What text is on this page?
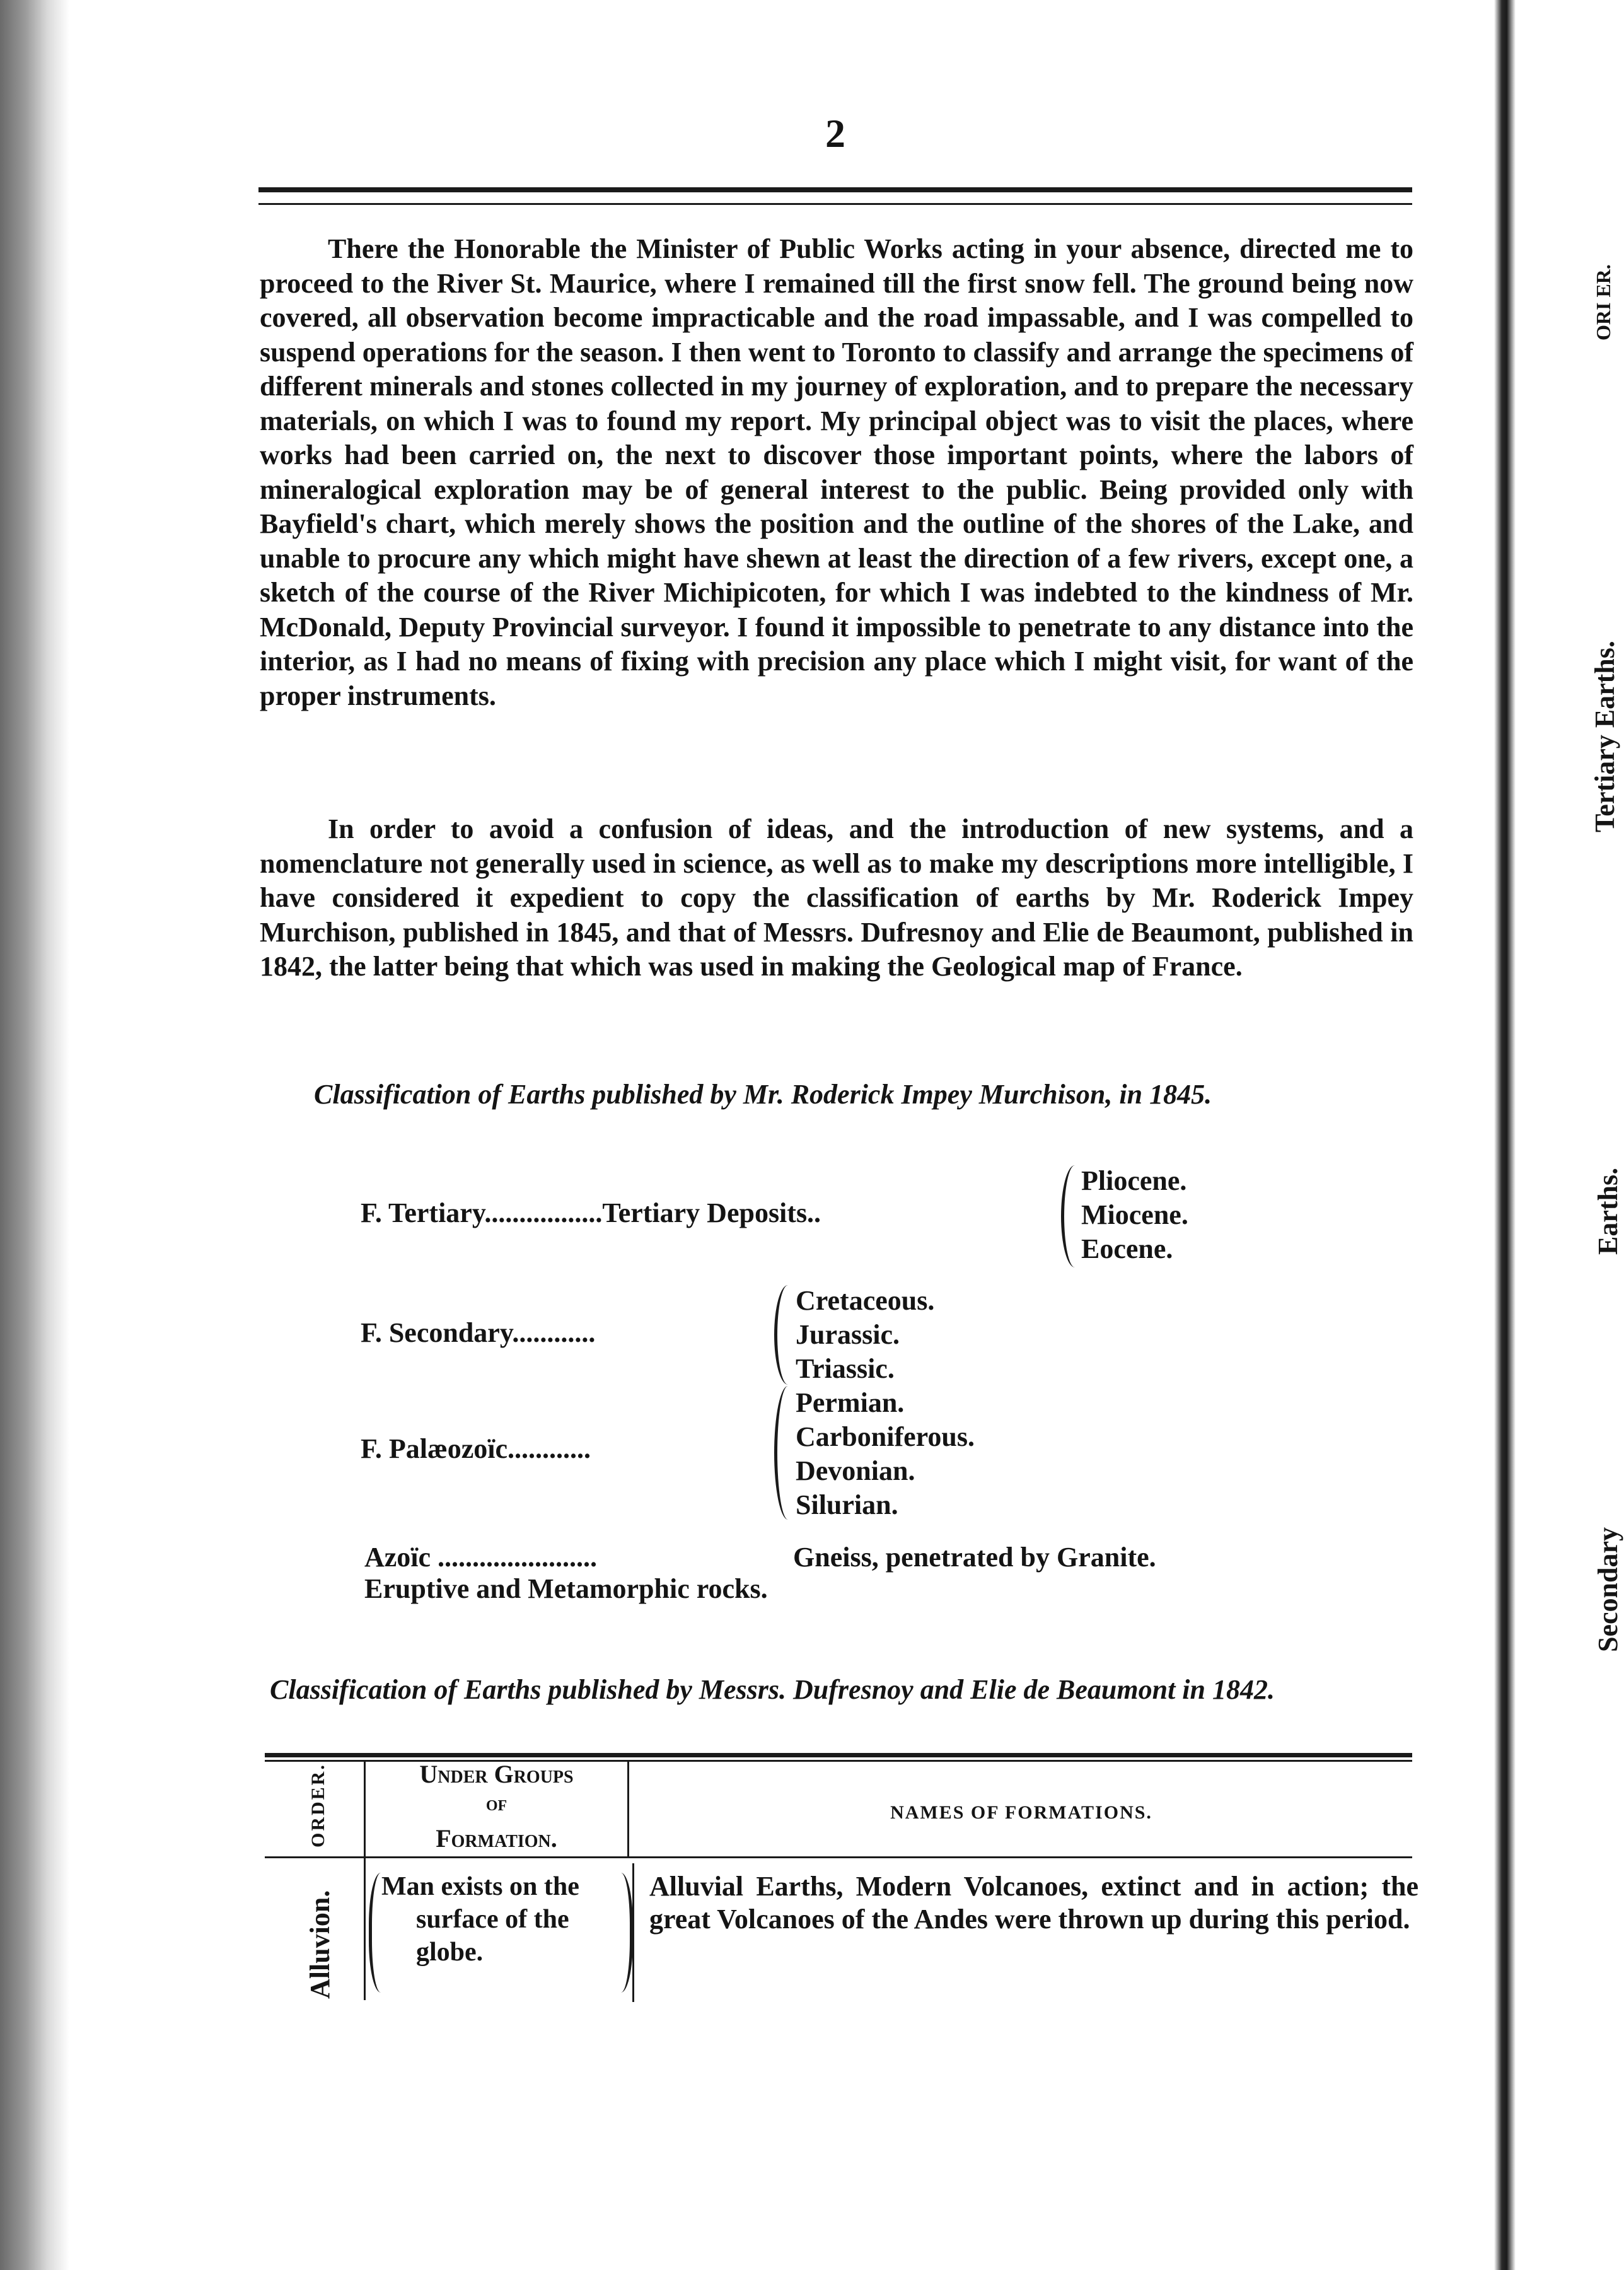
2

There the Honorable the Minister of Public Works acting in your absence, directed me to proceed to the River St. Maurice, where I remained till the first snow fell. The ground being now covered, all observation become impracticable and the road impassable, and I was compelled to suspend operations for the season. I then went to Toronto to classify and arrange the specimens of different minerals and stones collected in my journey of exploration, and to prepare the necessary materials, on which I was to found my report. My principal object was to visit the places, where works had been carried on, the next to discover those important points, where the labors of mineralogical exploration may be of general interest to the public. Being provided only with Bayfield's chart, which merely shows the position and the outline of the shores of the Lake, and unable to procure any which might have shewn at least the direction of a few rivers, except one, a sketch of the course of the River Michipicoten, for which I was indebted to the kindness of Mr. McDonald, Deputy Provincial surveyor. I found it impossible to penetrate to any distance into the interior, as I had no means of fixing with precision any place which I might visit, for want of the proper instruments.

In order to avoid a confusion of ideas, and the introduction of new systems, and a nomenclature not generally used in science, as well as to make my descriptions more intelligible, I have considered it expedient to copy the classification of earths by Mr. Roderick Impey Murchison, published in 1845, and that of Messrs. Dufresnoy and Elie de Beaumont, published in 1842, the latter being that which was used in making the Geological map of France.

Classification of Earths published by Mr. Roderick Impey Murchison, in 1845.
F. Tertiary.................Tertiary Deposits..
Pliocene.
Miocene.
Eocene.
F. Secondary............
Cretaceous.
Jurassic.
Triassic.
F. Palæozoïc............
Permian.
Carboniferous.
Devonian.
Silurian.
Azoïc .......................	Gneiss, penetrated by Granite.
Eruptive and Metamorphic rocks.
Classification of Earths published by Messrs. Dufresnoy and Elie de Beaumont in 1842.
ORDER.	Under Groups
of
Formation.
NAMES OF FORMATIONS.
Alluvion.
Man exists on the
surface of the
globe.
Alluvial Earths, Modern Volcanoes, extinct and in action; the great Volcanoes of the Andes were thrown up during this period.
ORI ER.
Tertiary Earths.
Earths.
Secondary
